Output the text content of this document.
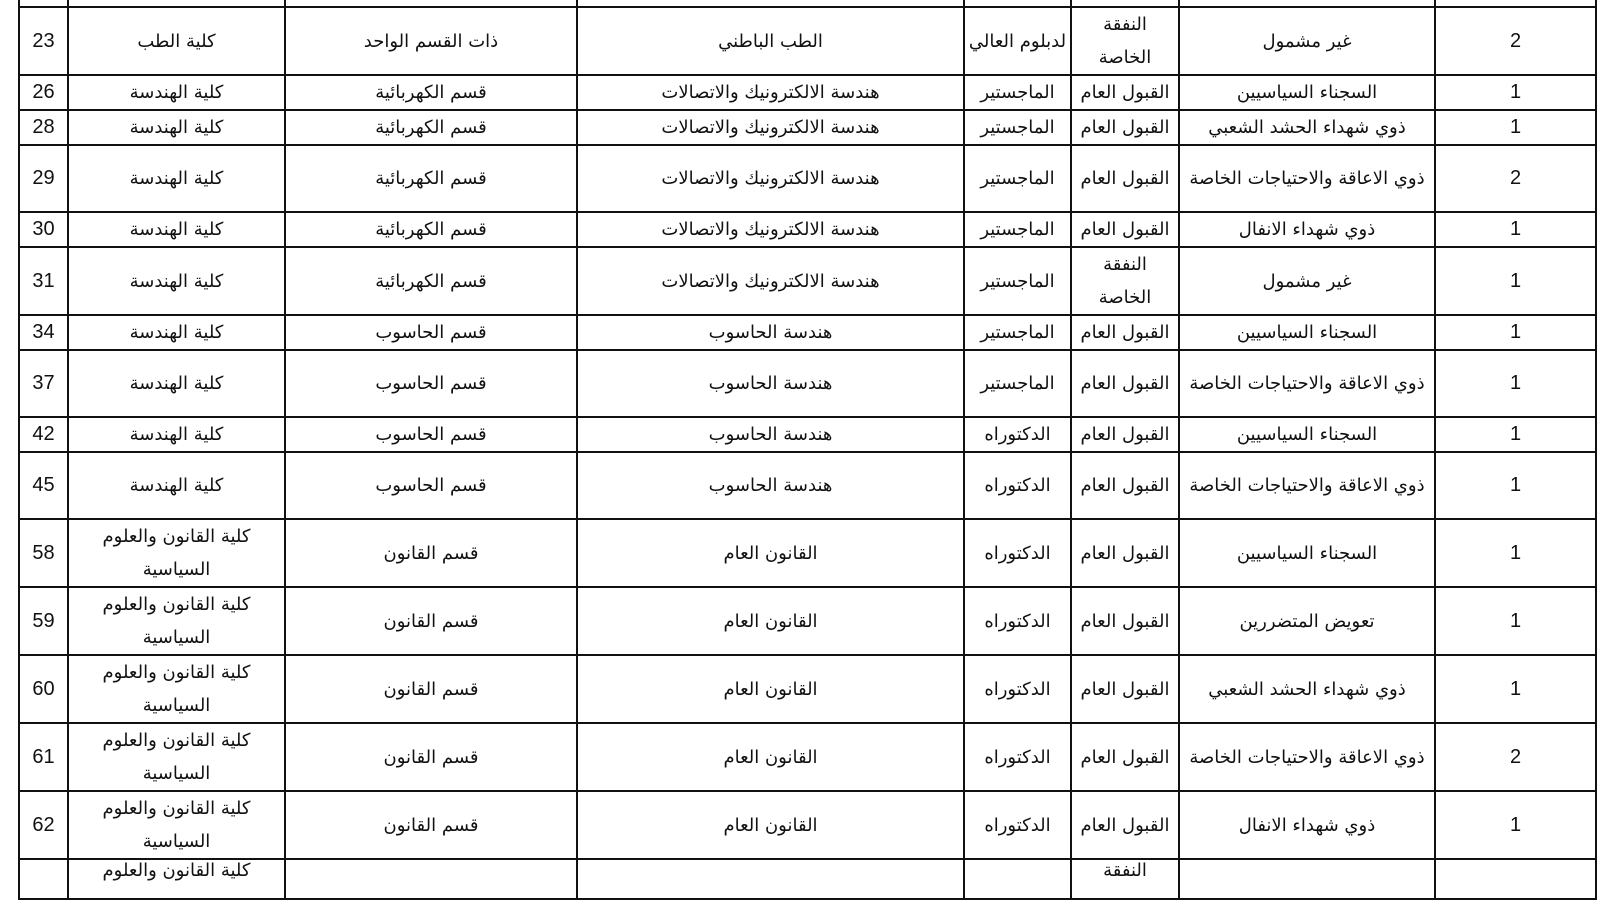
23	كلية الطب	ذات القسم الواحد	الطب الباطني	لدبلوم العالي	النفقة الخاصة	غير مشمول	2
26	كلية الهندسة	قسم الكهربائية	هندسة الالكترونيك والاتصالات	الماجستير	القبول العام	السجناء السياسيين	1
28	كلية الهندسة	قسم الكهربائية	هندسة الالكترونيك والاتصالات	الماجستير	القبول العام	ذوي شهداء الحشد الشعبي	1
29	كلية الهندسة	قسم الكهربائية	هندسة الالكترونيك والاتصالات	الماجستير	القبول العام	ذوي الاعاقة والاحتياجات الخاصة	2
30	كلية الهندسة	قسم الكهربائية	هندسة الالكترونيك والاتصالات	الماجستير	القبول العام	ذوي شهداء الانفال	1
31	كلية الهندسة	قسم الكهربائية	هندسة الالكترونيك والاتصالات	الماجستير	النفقة الخاصة	غير مشمول	1
34	كلية الهندسة	قسم الحاسوب	هندسة الحاسوب	الماجستير	القبول العام	السجناء السياسيين	1
37	كلية الهندسة	قسم الحاسوب	هندسة الحاسوب	الماجستير	القبول العام	ذوي الاعاقة والاحتياجات الخاصة	1
42	كلية الهندسة	قسم الحاسوب	هندسة الحاسوب	الدكتوراه	القبول العام	السجناء السياسيين	1
45	كلية الهندسة	قسم الحاسوب	هندسة الحاسوب	الدكتوراه	القبول العام	ذوي الاعاقة والاحتياجات الخاصة	1
58	كلية القانون والعلوم السياسية	قسم القانون	القانون العام	الدكتوراه	القبول العام	السجناء السياسيين	1
59	كلية القانون والعلوم السياسية	قسم القانون	القانون العام	الدكتوراه	القبول العام	تعويض المتضررين	1
60	كلية القانون والعلوم السياسية	قسم القانون	القانون العام	الدكتوراه	القبول العام	ذوي شهداء الحشد الشعبي	1
61	كلية القانون والعلوم السياسية	قسم القانون	القانون العام	الدكتوراه	القبول العام	ذوي الاعاقة والاحتياجات الخاصة	2
62	كلية القانون والعلوم السياسية	قسم القانون	القانون العام	الدكتوراه	القبول العام	ذوي شهداء الانفال	1
	كلية القانون والعلوم				النفقة		
